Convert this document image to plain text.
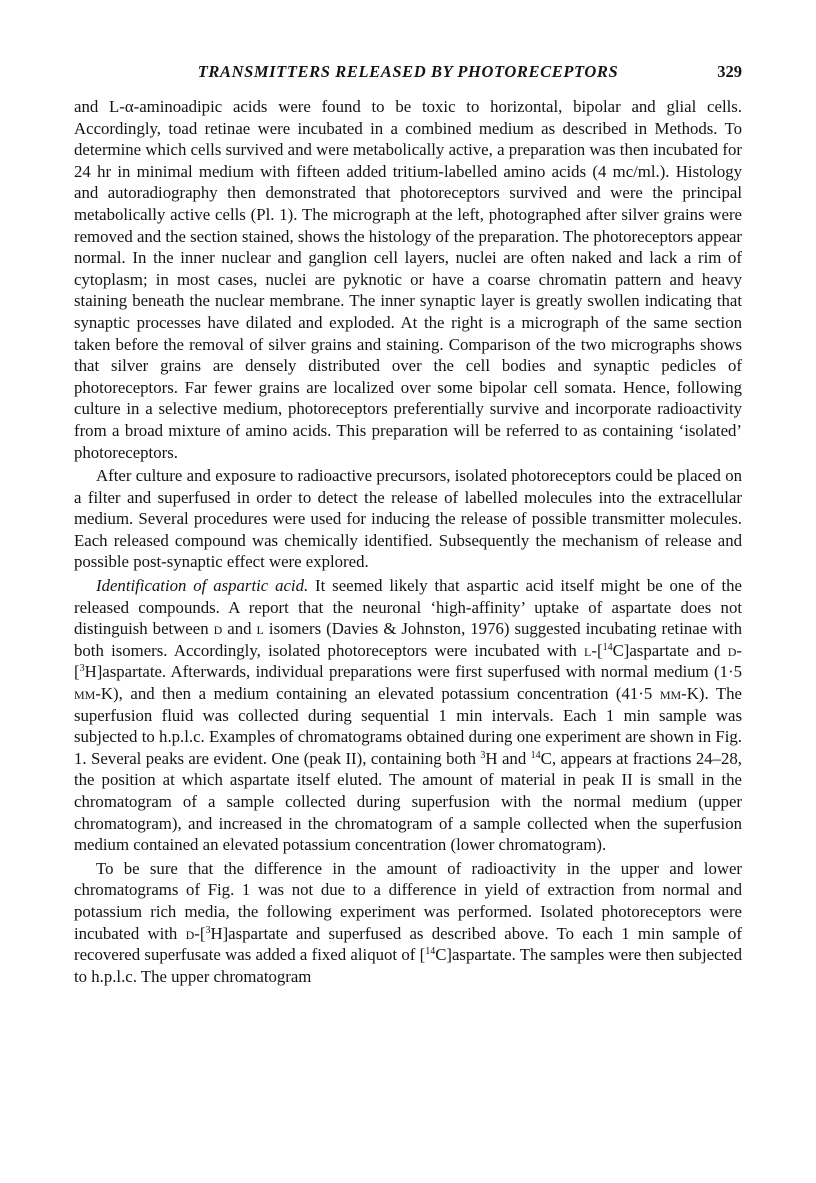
TRANSMITTERS RELEASED BY PHOTORECEPTORS	329

and L-α-aminoadipic acids were found to be toxic to horizontal, bipolar and glial cells. Accordingly, toad retinae were incubated in a combined medium as described in Methods. To determine which cells survived and were metabolically active, a preparation was then incubated for 24 hr in minimal medium with fifteen added tritium-labelled amino acids (4 mc/ml.). Histology and autoradiography then demonstrated that photoreceptors survived and were the principal metabolically active cells (Pl. 1). The micrograph at the left, photographed after silver grains were removed and the section stained, shows the histology of the preparation. The photoreceptors appear normal. In the inner nuclear and ganglion cell layers, nuclei are often naked and lack a rim of cytoplasm; in most cases, nuclei are pyknotic or have a coarse chromatin pattern and heavy staining beneath the nuclear membrane. The inner synaptic layer is greatly swollen indicating that synaptic processes have dilated and exploded. At the right is a micrograph of the same section taken before the removal of silver grains and staining. Comparison of the two micrographs shows that silver grains are densely distributed over the cell bodies and synaptic pedicles of photoreceptors. Far fewer grains are localized over some bipolar cell somata. Hence, following culture in a selective medium, photoreceptors preferentially survive and incorporate radioactivity from a broad mixture of amino acids. This preparation will be referred to as containing ‘isolated’ photoreceptors.

After culture and exposure to radioactive precursors, isolated photoreceptors could be placed on a filter and superfused in order to detect the release of labelled molecules into the extracellular medium. Several procedures were used for inducing the release of possible transmitter molecules. Each released compound was chemically identified. Subsequently the mechanism of release and possible post-synaptic effect were explored.

Identification of aspartic acid. It seemed likely that aspartic acid itself might be one of the released compounds. A report that the neuronal ‘high-affinity’ uptake of aspartate does not distinguish between d and l isomers (Davies & Johnston, 1976) suggested incubating retinae with both isomers. Accordingly, isolated photoreceptors were incubated with l-[$^{14}$C]aspartate and d-[$^3$H]aspartate. Afterwards, individual preparations were first superfused with normal medium (1·5 mm-K), and then a medium containing an elevated potassium concentration (41·5 mm-K). The superfusion fluid was collected during sequential 1 min intervals. Each 1 min sample was subjected to h.p.l.c. Examples of chromatograms obtained during one experiment are shown in Fig. 1. Several peaks are evident. One (peak II), containing both $^3$H and $^{14}$C, appears at fractions 24–28, the position at which aspartate itself eluted. The amount of material in peak II is small in the chromatogram of a sample collected during superfusion with the normal medium (upper chromatogram), and increased in the chromatogram of a sample collected when the superfusion medium contained an elevated potassium concentration (lower chromatogram).

To be sure that the difference in the amount of radioactivity in the upper and lower chromatograms of Fig. 1 was not due to a difference in yield of extraction from normal and potassium rich media, the following experiment was performed. Isolated photoreceptors were incubated with d-[$^3$H]aspartate and superfused as described above. To each 1 min sample of recovered superfusate was added a fixed aliquot of [$^{14}$C]aspartate. The samples were then subjected to h.p.l.c. The upper chromatogram
